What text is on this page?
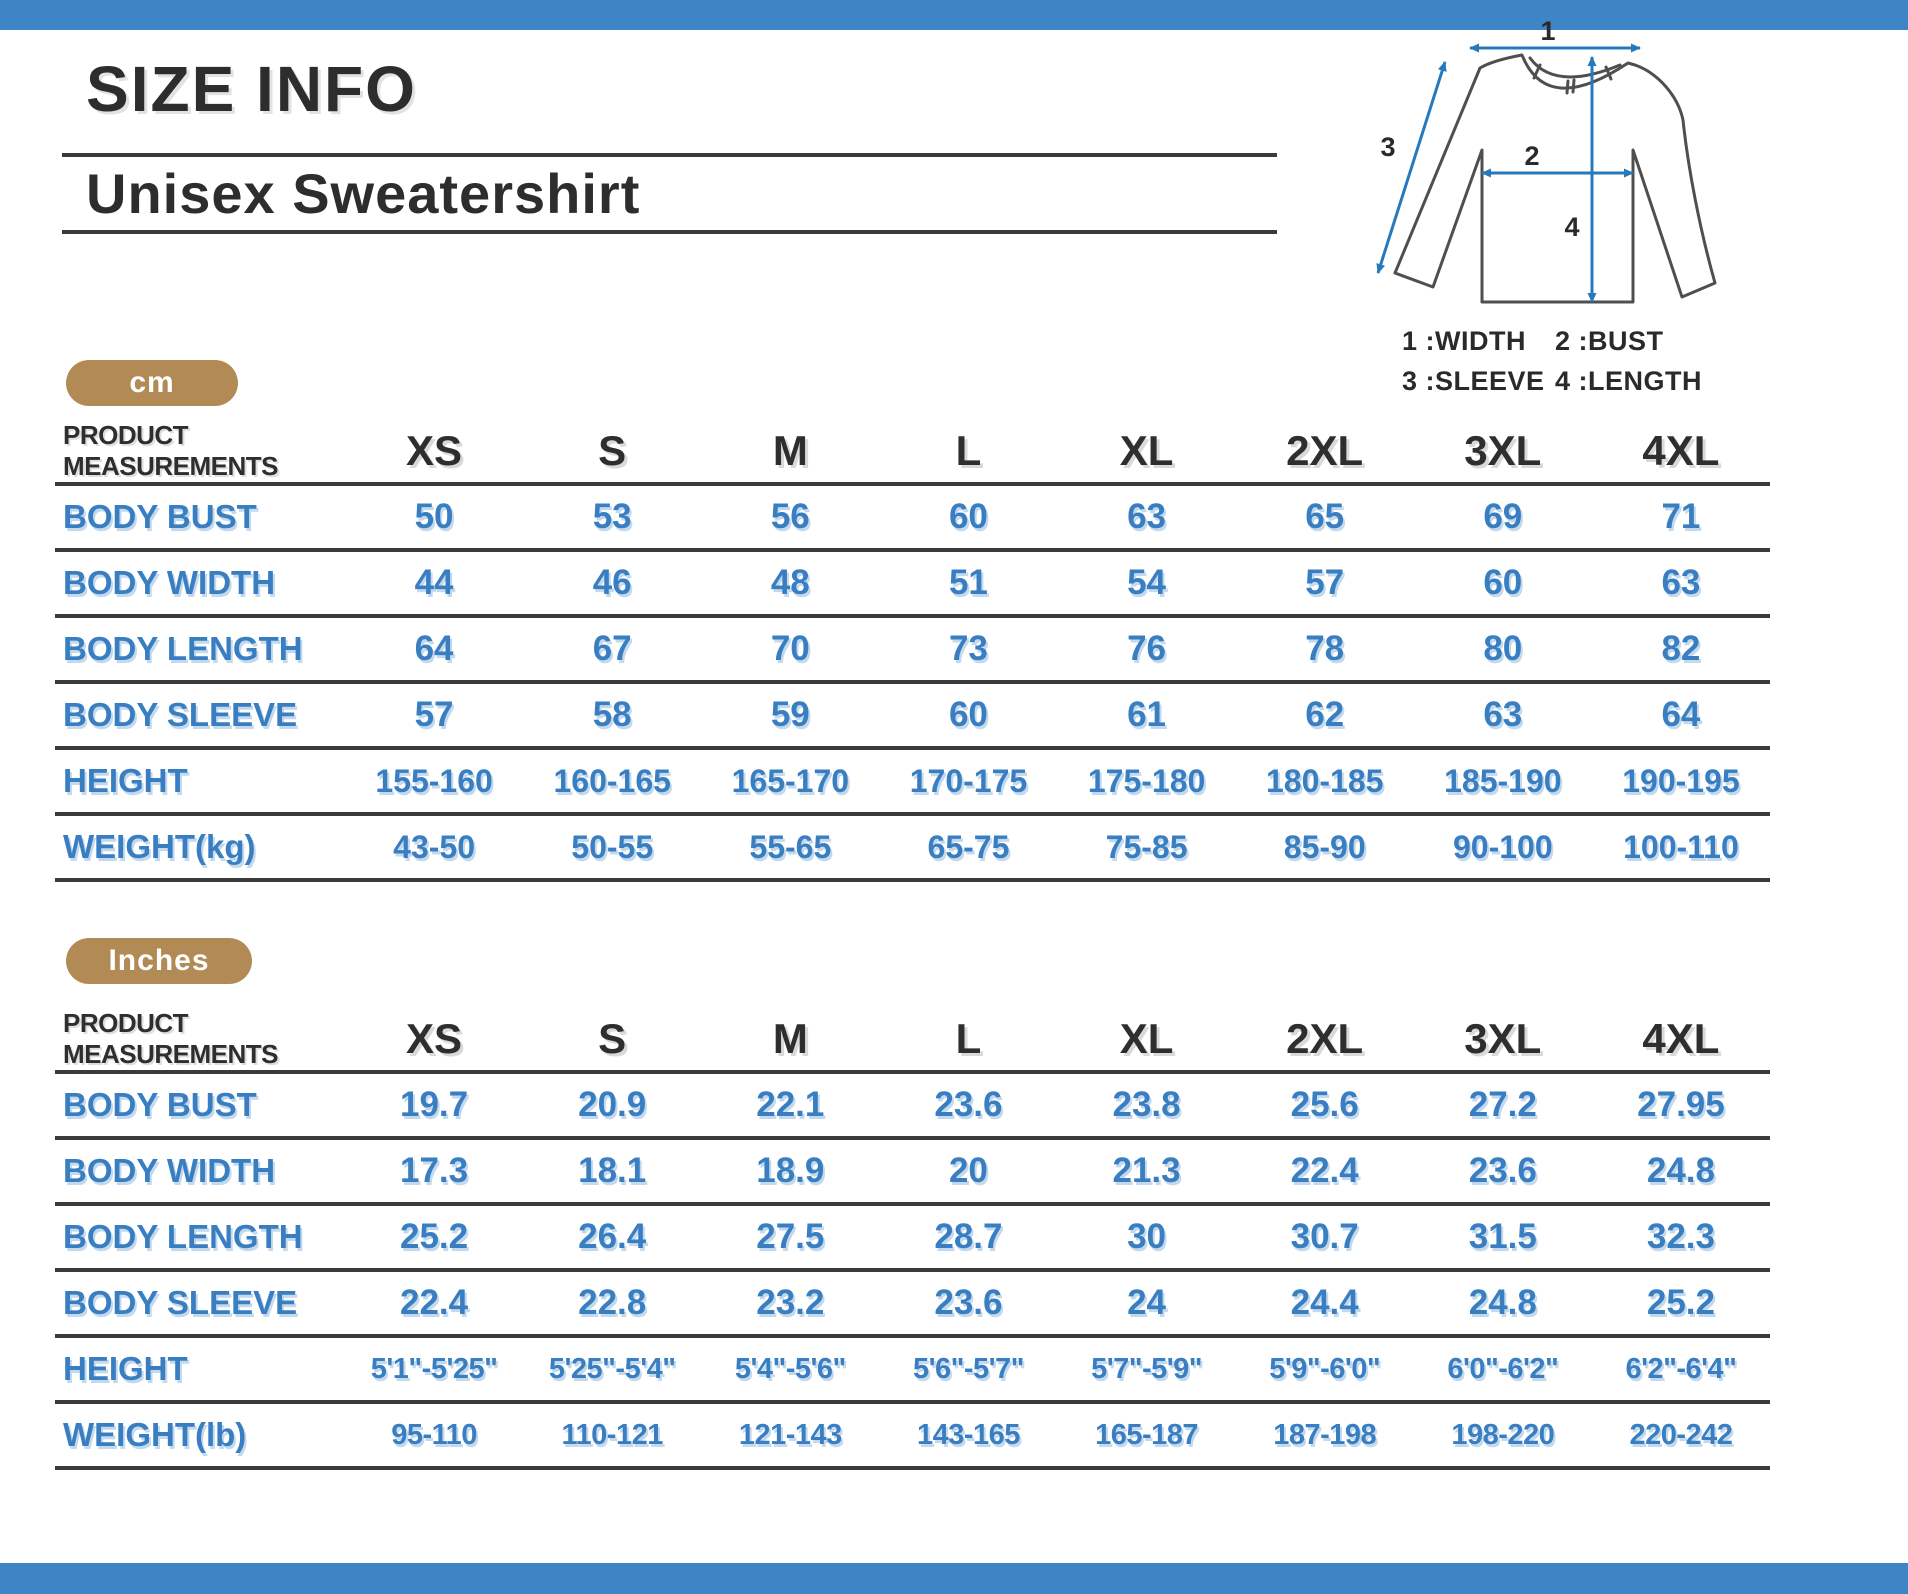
SIZE INFO
Unisex Sweatershirt
1
2
3
4
1 :WIDTH	2 :BUST
3 :SLEEVE 4 :LENGTH
cm
PRODUCT MEASUREMENTS	XS	S	M	L	XL	2XL	3XL	4XL
BODY BUST	50	53	56	60	63	65	69	71
BODY WIDTH	44	46	48	51	54	57	60	63
BODY LENGTH	64	67	70	73	76	78	80	82
BODY SLEEVE	57	58	59	60	61	62	63	64
HEIGHT	155-160	160-165	165-170	170-175	175-180	180-185	185-190	190-195
WEIGHT(kg)	43-50	50-55	55-65	65-75	75-85	85-90	90-100	100-110
Inches
PRODUCT MEASUREMENTS	XS	S	M	L	XL	2XL	3XL	4XL
BODY BUST	19.7	20.9	22.1	23.6	23.8	25.6	27.2	27.95
BODY WIDTH	17.3	18.1	18.9	20	21.3	22.4	23.6	24.8
BODY LENGTH	25.2	26.4	27.5	28.7	30	30.7	31.5	32.3
BODY SLEEVE	22.4	22.8	23.2	23.6	24	24.4	24.8	25.2
HEIGHT	5'1"-5'25"	5'25"-5'4"	5'4"-5'6"	5'6"-5'7"	5'7"-5'9"	5'9"-6'0"	6'0"-6'2"	6'2"-6'4"
WEIGHT(lb)	95-110	110-121	121-143	143-165	165-187	187-198	198-220	220-242
